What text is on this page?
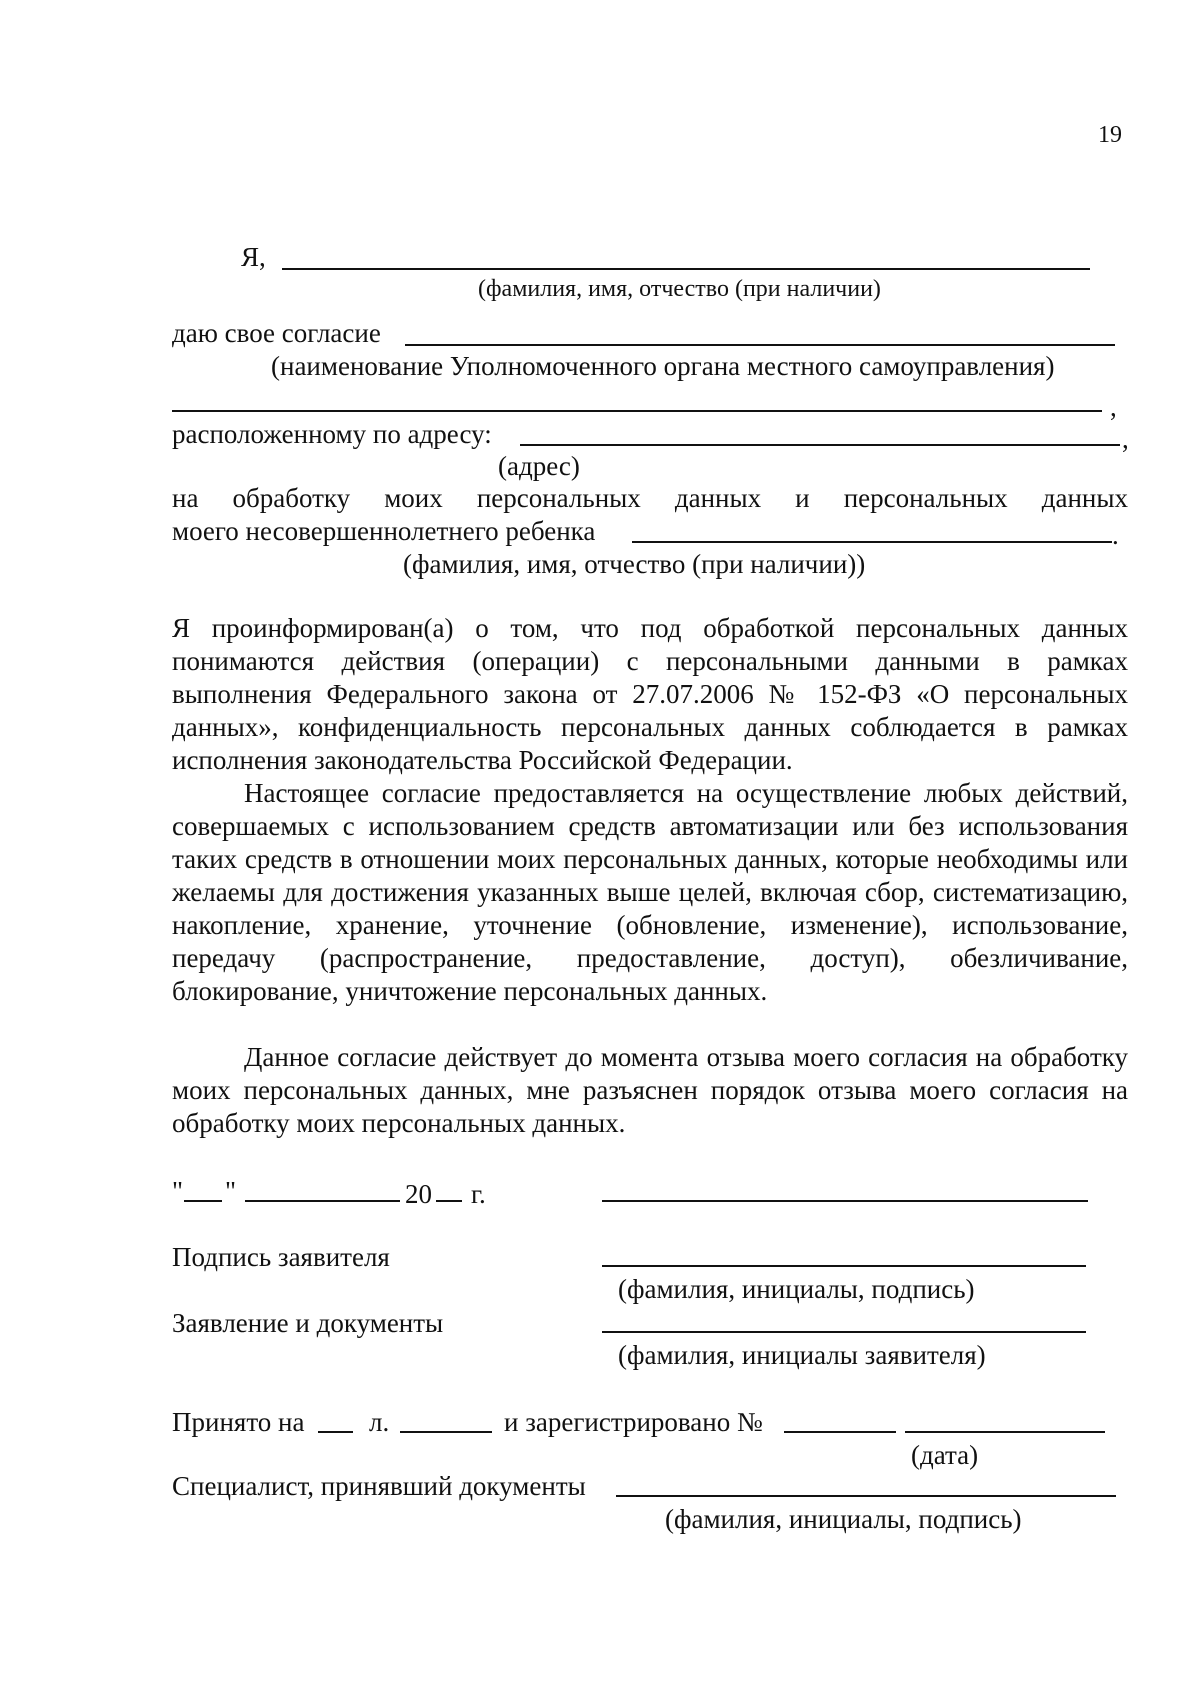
19
Я,
(фамилия, имя, отчество (при наличии)
даю свое согласие
(наименование Уполномоченного органа местного самоуправления)
,
расположенному по адресу:	,
(адрес)
на обработку моих персональных данных и персональных данных
моего несовершеннолетнего ребенка	.
(фамилия, имя, отчество (при наличии))
Я проинформирован(а) о том, что под обработкой персональных данных понимаются действия (операции) с персональными данными в рамках выполнения Федерального закона от 27.07.2006 № 152-ФЗ «О персональных данных», конфиденциальность персональных данных соблюдается в рамках исполнения законодательства Российской Федерации.
Настоящее согласие предоставляется на осуществление любых действий, совершаемых с использованием средств автоматизации или без использования таких средств в отношении моих персональных данных, которые необходимы или желаемы для достижения указанных выше целей, включая сбор, систематизацию, накопление, хранение, уточнение (обновление, изменение), использование, передачу (распространение, предоставление, доступ), обезличивание, блокирование, уничтожение персональных данных.
Данное согласие действует до момента отзыва моего согласия на обработку моих персональных данных, мне разъяснен порядок отзыва моего согласия на обработку моих персональных данных.
" "	20 г.
Подпись заявителя
(фамилия, инициалы, подпись)
Заявление и документы
(фамилия, инициалы заявителя)
Принято на л.	и зарегистрировано №
(дата)
Специалист, принявший документы
(фамилия, инициалы, подпись)
